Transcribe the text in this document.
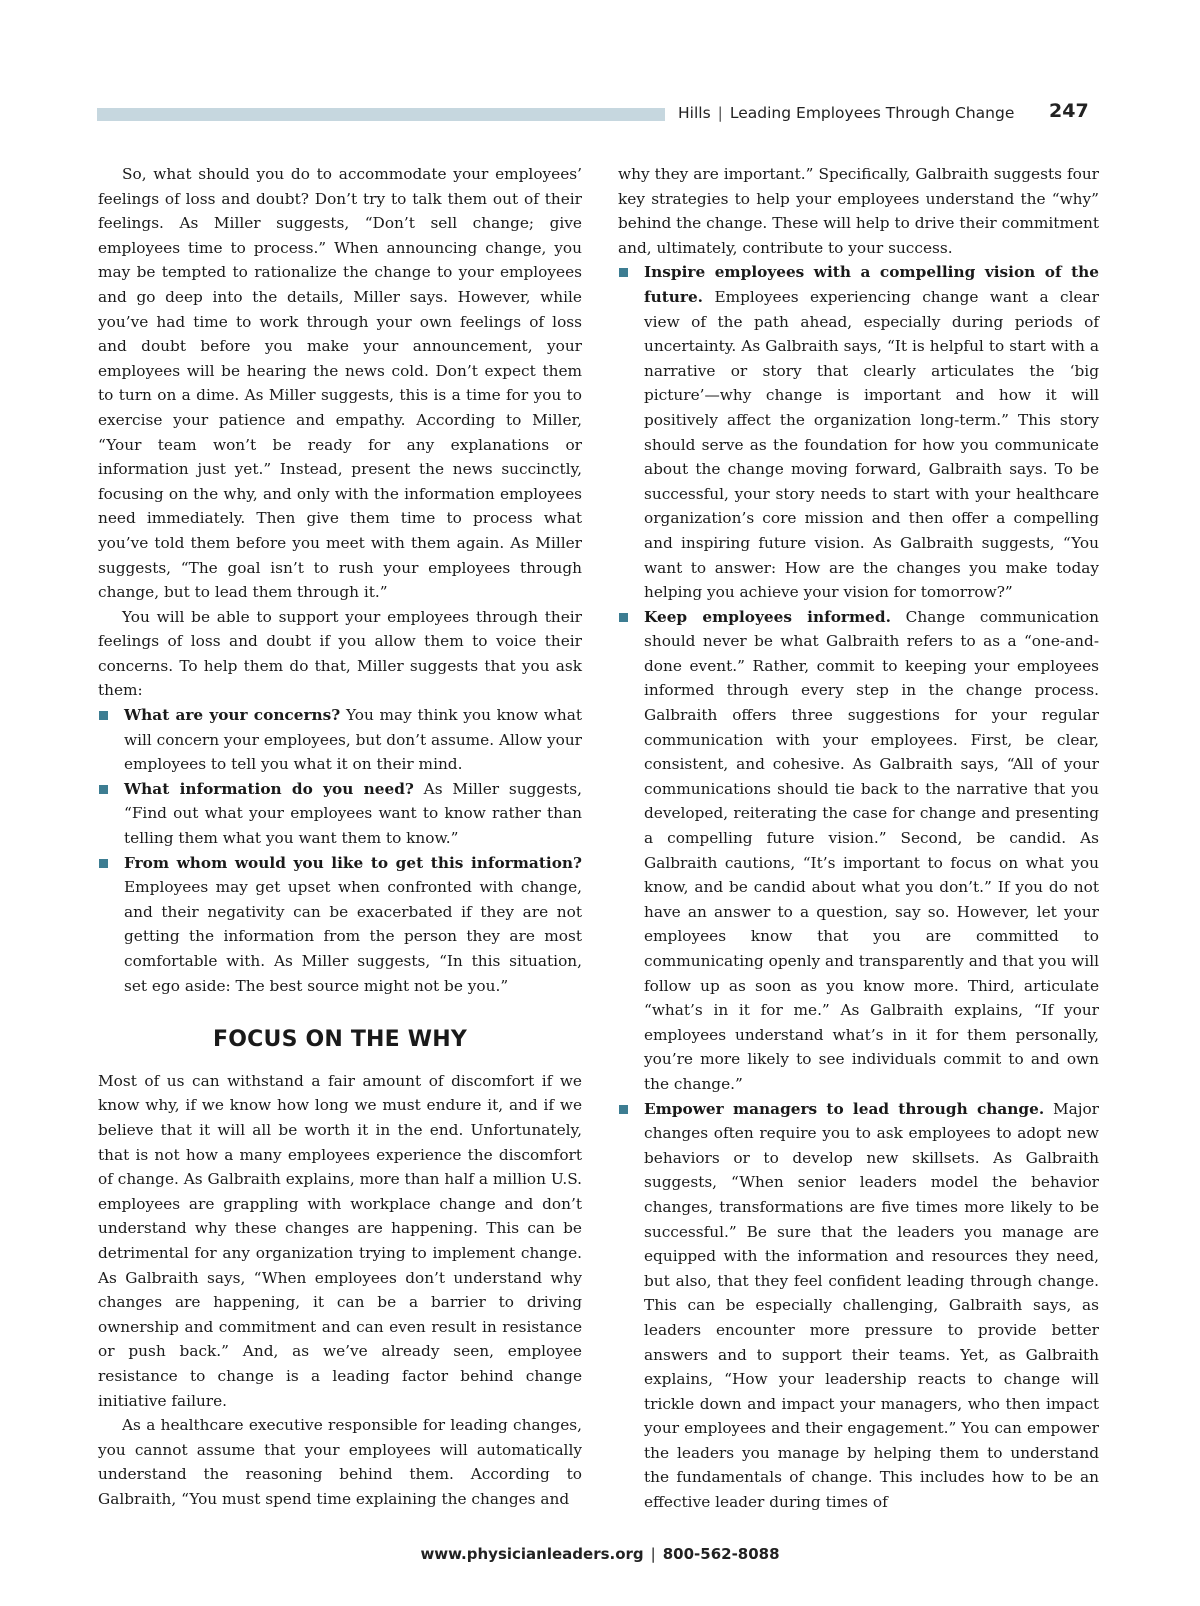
Hills | Leading Employees Through Change 247

So, what should you do to accommodate your employees’ feelings of loss and doubt? Don’t try to talk them out of their feelings. As Miller suggests, “Don’t sell change; give employees time to process.” When announcing change, you may be tempted to rationalize the change to your employees and go deep into the details, Miller says. However, while you’ve had time to work through your own feelings of loss and doubt before you make your announcement, your employees will be hearing the news cold. Don’t expect them to turn on a dime. As Miller suggests, this is a time for you to exercise your patience and empathy. According to Miller, “Your team won’t be ready for any explanations or information just yet.” Instead, present the news succinctly, focusing on the why, and only with the information employees need immediately. Then give them time to process what you’ve told them before you meet with them again. As Miller suggests, “The goal isn’t to rush your employees through change, but to lead them through it.”

You will be able to support your employees through their feelings of loss and doubt if you allow them to voice their concerns. To help them do that, Miller suggests that you ask them:

What are your concerns? You may think you know what will concern your employees, but don’t assume. Allow your employees to tell you what it on their mind.
What information do you need? As Miller suggests, “Find out what your employees want to know rather than telling them what you want them to know.”
From whom would you like to get this information? Employees may get upset when confronted with change, and their negativity can be exacerbated if they are not getting the information from the person they are most comfortable with. As Miller suggests, “In this situation, set ego aside: The best source might not be you.”
FOCUS ON THE WHY

Most of us can withstand a fair amount of discomfort if we know why, if we know how long we must endure it, and if we believe that it will all be worth it in the end. Unfortunately, that is not how a many employees experience the discomfort of change. As Galbraith explains, more than half a million U.S. employees are grappling with workplace change and don’t understand why these changes are happening. This can be detrimental for any organization trying to implement change. As Galbraith says, “When employees don’t understand why changes are happening, it can be a barrier to driving ownership and commitment and can even result in resistance or push back.” And, as we’ve already seen, employee resistance to change is a leading factor behind change initiative failure.

As a healthcare executive responsible for leading changes, you cannot assume that your employees will automatically understand the reasoning behind them. According to Galbraith, “You must spend time explaining the changes and

why they are important.” Specifically, Galbraith suggests four key strategies to help your employees understand the “why” behind the change. These will help to drive their commitment and, ultimately, contribute to your success.

Inspire employees with a compelling vision of the future. Employees experiencing change want a clear view of the path ahead, especially during periods of uncertainty. As Galbraith says, “It is helpful to start with a narrative or story that clearly articulates the ‘big picture’—why change is important and how it will positively affect the organization long-term.” This story should serve as the foundation for how you communicate about the change moving forward, Galbraith says. To be successful, your story needs to start with your healthcare organization’s core mission and then offer a compelling and inspiring future vision. As Galbraith suggests, “You want to answer: How are the changes you make today helping you achieve your vision for tomorrow?”
Keep employees informed. Change communication should never be what Galbraith refers to as a “one-and-done event.” Rather, commit to keeping your employees informed through every step in the change process. Galbraith offers three suggestions for your regular communication with your employees. First, be clear, consistent, and cohesive. As Galbraith says, “All of your communications should tie back to the narrative that you developed, reiterating the case for change and presenting a compelling future vision.” Second, be candid. As Galbraith cautions, “It’s important to focus on what you know, and be candid about what you don’t.” If you do not have an answer to a question, say so. However, let your employees know that you are committed to communicating openly and transparently and that you will follow up as soon as you know more. Third, articulate “what’s in it for me.” As Galbraith explains, “If your employees understand what’s in it for them personally, you’re more likely to see individuals commit to and own the change.”
Empower managers to lead through change. Major changes often require you to ask employees to adopt new behaviors or to develop new skillsets. As Galbraith suggests, “When senior leaders model the behavior changes, transformations are five times more likely to be successful.” Be sure that the leaders you manage are equipped with the information and resources they need, but also, that they feel confident leading through change. This can be especially challenging, Galbraith says, as leaders encounter more pressure to provide better answers and to support their teams. Yet, as Galbraith explains, “How your leadership reacts to change will trickle down and impact your managers, who then impact your employees and their engagement.” You can empower the leaders you manage by helping them to understand the fundamentals of change. This includes how to be an effective leader during times of
www.physicianleaders.org | 800-562-8088
